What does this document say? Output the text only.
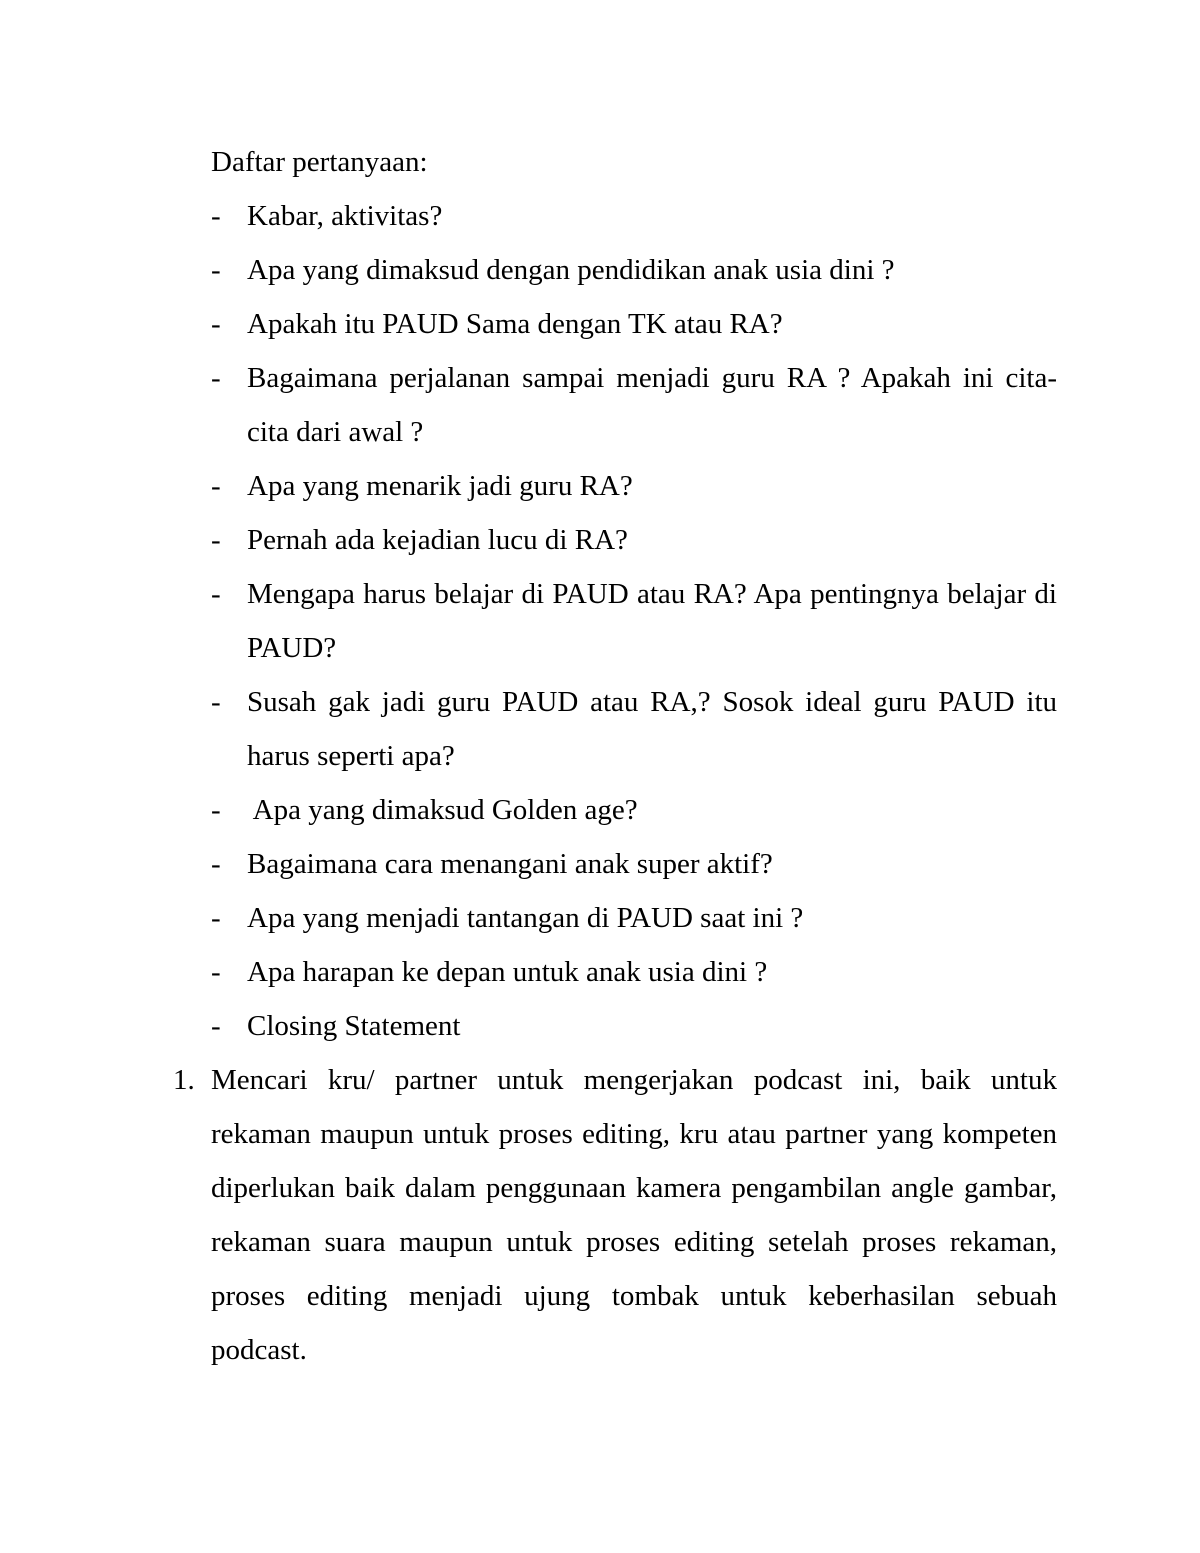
Daftar pertanyaan:

- Kabar, aktivitas?
- Apa yang dimaksud dengan pendidikan anak usia dini ?
- Apakah itu PAUD Sama dengan TK atau RA?
- Bagaimana perjalanan sampai menjadi guru RA ? Apakah ini cita- cita dari awal ?
- Apa yang menarik jadi guru RA?
- Pernah ada kejadian lucu di RA?
- Mengapa harus belajar di PAUD atau RA? Apa pentingnya belajar di PAUD?
- Susah gak jadi guru PAUD atau RA,? Sosok ideal guru PAUD itu harus seperti apa?
- Apa yang dimaksud Golden age?
- Bagaimana cara menangani anak super aktif?
- Apa yang menjadi tantangan di PAUD saat ini ?
- Apa harapan ke depan untuk anak usia dini ?
- Closing Statement
1. Mencari kru/ partner untuk mengerjakan podcast ini, baik untuk rekaman maupun untuk proses editing, kru atau partner yang kompeten diperlukan baik dalam penggunaan kamera pengambilan angle gambar, rekaman suara maupun untuk proses editing setelah proses rekaman, proses editing menjadi ujung tombak untuk keberhasilan sebuah podcast.
